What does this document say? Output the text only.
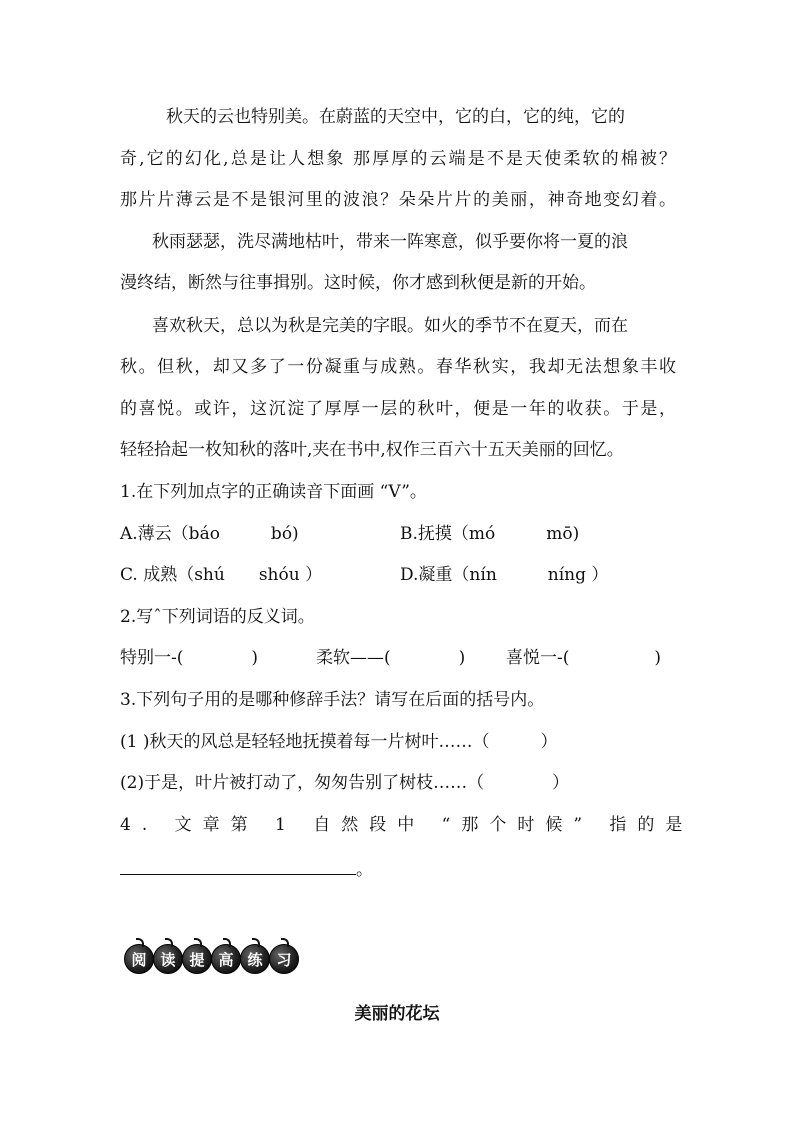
秋天的云也特别美。在蔚蓝的天空中，它的白，它的纯，它的
奇,它的幻化,总是让人想象 那厚厚的云端是不是天使柔软的棉被？
那片片薄云是不是银河里的波浪？朵朵片片的美丽，神奇地变幻着。
秋雨瑟瑟，洗尽满地枯叶，带来一阵寒意，似乎要你将一夏的浪
漫终结，断然与往事揖别。这时候，你才感到秋便是新的开始。
喜欢秋天，总以为秋是完美的字眼。如火的季节不在夏天，而在
秋。但秋，却又多了一份凝重与成熟。春华秋实，我却无法想象丰收
的喜悦。或许，这沉淀了厚厚一层的秋叶，便是一年的收获。于是，
轻轻拾起一枚知秋的落叶,夹在书中,权作三百六十五天美丽的回忆。
1.在下列加点字的正确读音下面画 “V”。
A.薄云（báo　　　bó)	B.抚摸（mó　　　mō)
C. 成熟（shú　　shóu ）	D.凝重（nín　　　níng ）
2.写ˆ下列词语的反义词。
特别一-(　　　　)	柔软——(　　　　) 喜悦一-(　　　　　)
3.下列句子用的是哪种修辞手法？请写在后面的括号内。
(1 )秋天的风总是轻轻地抚摸着每一片树叶……（　　　）
(2)于是，叶片被打动了，匆匆告别了树枝……（　　　　）
4. 文章第 1 自然段中 “那个时候” 指的是
。
阅 读 提 高 练 习
美丽的花坛
